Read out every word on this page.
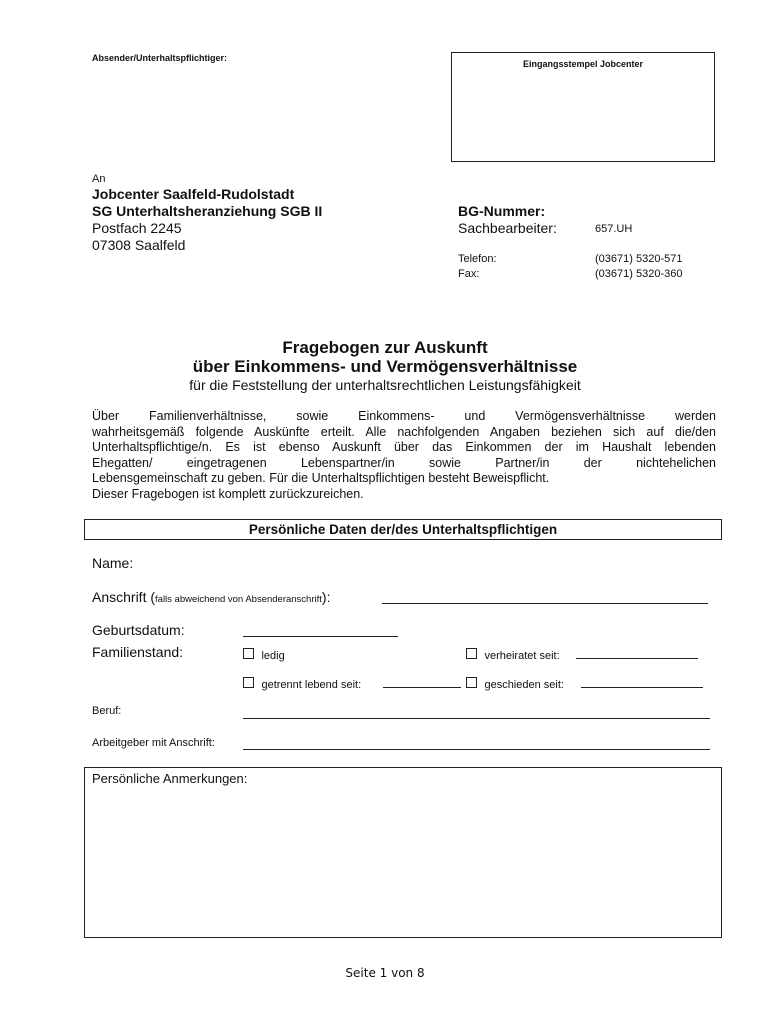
Absender/Unterhaltspflichtiger:
Eingangsstempel Jobcenter
An
Jobcenter Saalfeld-Rudolstadt
SG Unterhaltsheranziehung SGB II
Postfach 2245
07308 Saalfeld
BG-Nummer:
Sachbearbeiter:	657.UH
Telefon:	(03671) 5320-571
Fax:	(03671) 5320-360
Fragebogen zur Auskunft
über Einkommens- und Vermögensverhältnisse
für die Feststellung der unterhaltsrechtlichen Leistungsfähigkeit

Über Familienverhältnisse, sowie Einkommens- und Vermögensverhältnisse werden

wahrheitsgemäß folgende Auskünfte erteilt. Alle nachfolgenden Angaben beziehen sich auf die/den

Unterhaltspflichtige/n. Es ist ebenso Auskunft über das Einkommen der im Haushalt lebenden

Ehegatten/ eingetragenen Lebenspartner/in sowie Partner/in der nichtehelichen

Lebensgemeinschaft zu geben. Für die Unterhaltspflichtigen besteht Beweispflicht.

Dieser Fragebogen ist komplett zurückzureichen.

Persönliche Daten der/des Unterhaltspflichtigen
Name:
Anschrift (falls abweichend von Absenderanschrift):
Geburtsdatum:
Familienstand:	ledig	verheiratet seit:
getrennt lebend seit:	geschieden seit:
Beruf:
Arbeitgeber mit Anschrift:
Persönliche Anmerkungen:
Seite 1 von 8
